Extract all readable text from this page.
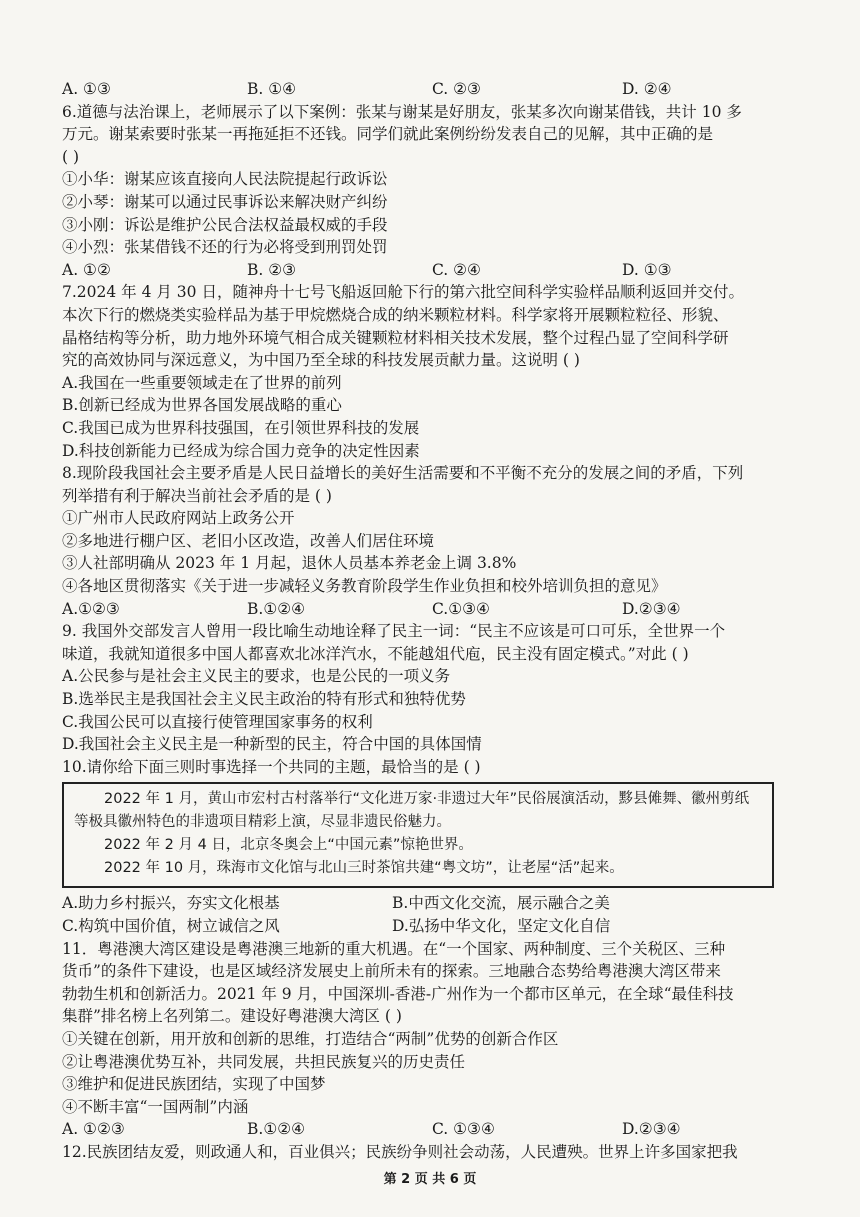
A. ①③	B. ①④	C. ②③	D. ②④
6.道德与法治课上，老师展示了以下案例：张某与谢某是好朋友，张某多次向谢某借钱，共计 10 多
万元。谢某索要时张某一再拖延拒不还钱。同学们就此案例纷纷发表自己的见解，其中正确的是
( )
①小华：谢某应该直接向人民法院提起行政诉讼
②小琴：谢某可以通过民事诉讼来解决财产纠纷
③小刚：诉讼是维护公民合法权益最权威的手段
④小烈：张某借钱不还的行为必将受到刑罚处罚
A. ①②	B. ②③	C. ②④	D. ①③
7.2024 年 4 月 30 日，随神舟十七号飞船返回舱下行的第六批空间科学实验样品顺利返回并交付。
本次下行的燃烧类实验样品为基于甲烷燃烧合成的纳米颗粒材料。科学家将开展颗粒粒径、形貌、
晶格结构等分析，助力地外环境气相合成关键颗粒材料相关技术发展，整个过程凸显了空间科学研
究的高效协同与深远意义，为中国乃至全球的科技发展贡献力量。这说明 ( )
A.我国在一些重要领域走在了世界的前列
B.创新已经成为世界各国发展战略的重心
C.我国已成为世界科技强国，在引领世界科技的发展
D.科技创新能力已经成为综合国力竞争的决定性因素
8.现阶段我国社会主要矛盾是人民日益增长的美好生活需要和不平衡不充分的发展之间的矛盾，下列
列举措有利于解决当前社会矛盾的是 ( )
①广州市人民政府网站上政务公开
②多地进行棚户区、老旧小区改造，改善人们居住环境
③人社部明确从 2023 年 1 月起，退休人员基本养老金上调 3.8%
④各地区贯彻落实《关于进一步减轻义务教育阶段学生作业负担和校外培训负担的意见》
A.①②③	B.①②④	C.①③④	D.②③④
9. 我国外交部发言人曾用一段比喻生动地诠释了民主一词：“民主不应该是可口可乐，全世界一个
味道，我就知道很多中国人都喜欢北冰洋汽水，不能越俎代庖，民主没有固定模式。”对此 ( )
A.公民参与是社会主义民主的要求，也是公民的一项义务
B.选举民主是我国社会主义民主政治的特有形式和独特优势
C.我国公民可以直接行使管理国家事务的权利
D.我国社会主义民主是一种新型的民主，符合中国的具体国情
10.请你给下面三则时事选择一个共同的主题，最恰当的是 ( )
2022 年 1 月，黄山市宏村古村落举行“文化进万家·非遗过大年”民俗展演活动，黟县傩舞、徽州剪纸等极具徽州特色的非遗项目精彩上演，尽显非遗民俗魅力。
2022 年 2 月 4 日，北京冬奥会上“中国元素”惊艳世界。
2022 年 10 月，珠海市文化馆与北山三时茶馆共建“粤文坊”，让老屋“活”起来。
A.助力乡村振兴，夯实文化根基	B.中西文化交流，展示融合之美
C.构筑中国价值，树立诚信之风	D.弘扬中华文化，坚定文化自信
11．粤港澳大湾区建设是粤港澳三地新的重大机遇。在“一个国家、两种制度、三个关税区、三种
货币”的条件下建设，也是区域经济发展史上前所未有的探索。三地融合态势给粤港澳大湾区带来
勃勃生机和创新活力。2021 年 9 月，中国深圳-香港-广州作为一个都市区单元，在全球“最佳科技
集群”排名榜上名列第二。建设好粤港澳大湾区 ( )
①关键在创新，用开放和创新的思维，打造结合“两制”优势的创新合作区
②让粤港澳优势互补，共同发展，共担民族复兴的历史责任
③维护和促进民族团结，实现了中国梦
④不断丰富“一国两制”内涵
A. ①②③	B.①②④	C. ①③④	D.②③④
12.民族团结友爱，则政通人和，百业俱兴；民族纷争则社会动荡，人民遭殃。世界上许多国家把我
第 2 页 共 6 页
